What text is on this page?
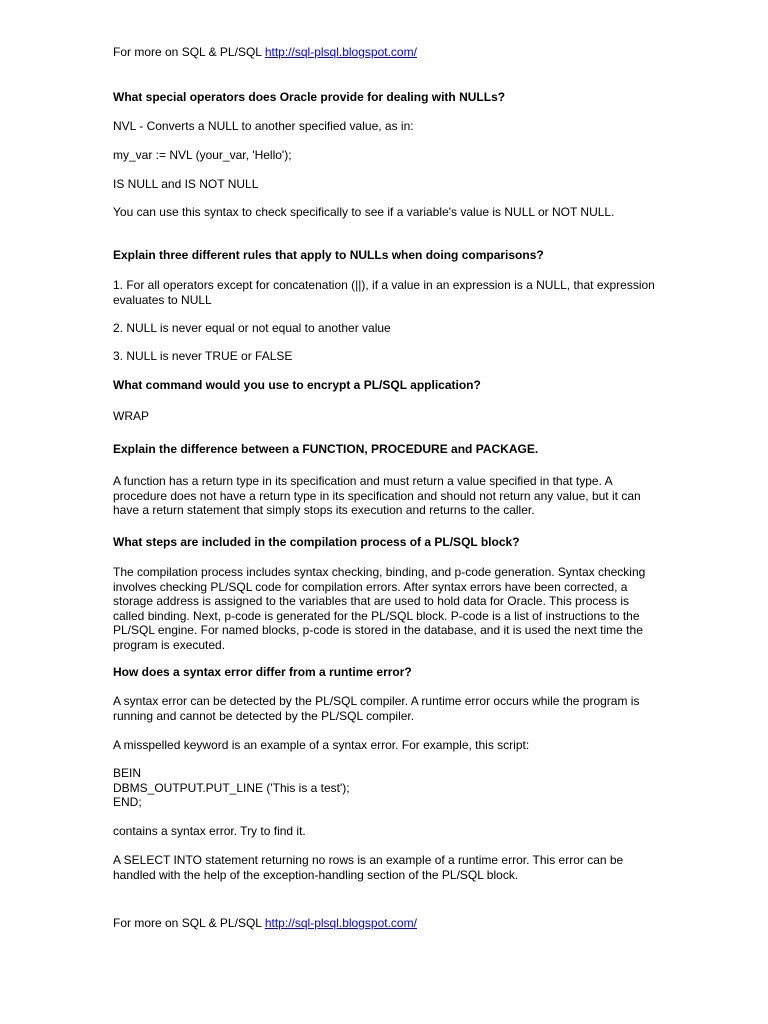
For more on SQL & PL/SQL http://sql-plsql.blogspot.com/

What special operators does Oracle provide for dealing with NULLs?

NVL - Converts a NULL to another specified value, as in:

my_var := NVL (your_var, 'Hello');

IS NULL and IS NOT NULL

You can use this syntax to check specifically to see if a variable's value is NULL or NOT NULL.

Explain three different rules that apply to NULLs when doing comparisons?

1. For all operators except for concatenation (||), if a value in an expression is a NULL, that expression evaluates to NULL

2. NULL is never equal or not equal to another value

3. NULL is never TRUE or FALSE

What command would you use to encrypt a PL/SQL application?

WRAP

Explain the difference between a FUNCTION, PROCEDURE and PACKAGE.

A function has a return type in its specification and must return a value specified in that type. A procedure does not have a return type in its specification and should not return any value, but it can have a return statement that simply stops its execution and returns to the caller.

What steps are included in the compilation process of a PL/SQL block?

The compilation process includes syntax checking, binding, and p-code generation. Syntax checking involves checking PL/SQL code for compilation errors. After syntax errors have been corrected, a storage address is assigned to the variables that are used to hold data for Oracle. This process is called binding. Next, p-code is generated for the PL/SQL block. P-code is a list of instructions to the PL/SQL engine. For named blocks, p-code is stored in the database, and it is used the next time the program is executed.

How does a syntax error differ from a runtime error?

A syntax error can be detected by the PL/SQL compiler. A runtime error occurs while the program is running and cannot be detected by the PL/SQL compiler.

A misspelled keyword is an example of a syntax error. For example, this script:

BEIN
DBMS_OUTPUT.PUT_LINE ('This is a test');
END;

contains a syntax error. Try to find it.

A SELECT INTO statement returning no rows is an example of a runtime error. This error can be handled with the help of the exception-handling section of the PL/SQL block.

For more on SQL & PL/SQL http://sql-plsql.blogspot.com/
